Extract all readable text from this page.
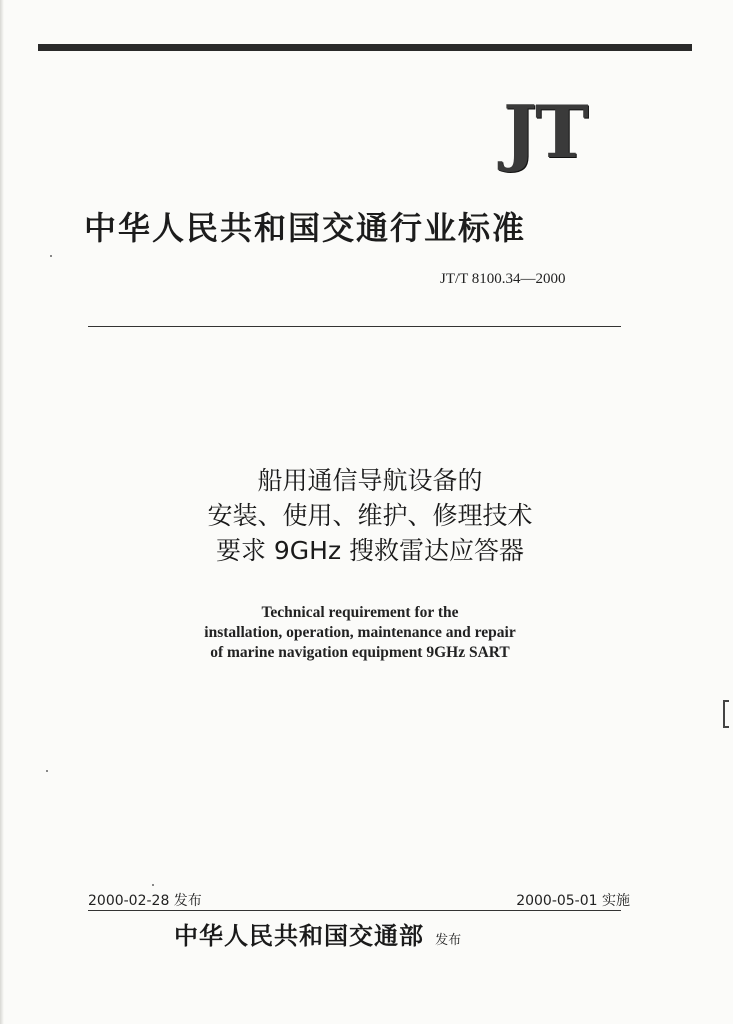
JT
中华人民共和国交通行业标准
JT/T 8100.34—2000
船用通信导航设备的
安装、使用、维护、修理技术
要求 9GHz 搜救雷达应答器
Technical requirement for the
installation, operation, maintenance and repair
of marine navigation equipment 9GHz SART
2000-02-28 发布	2000-05-01 实施
中华人民共和国交通部 发布
